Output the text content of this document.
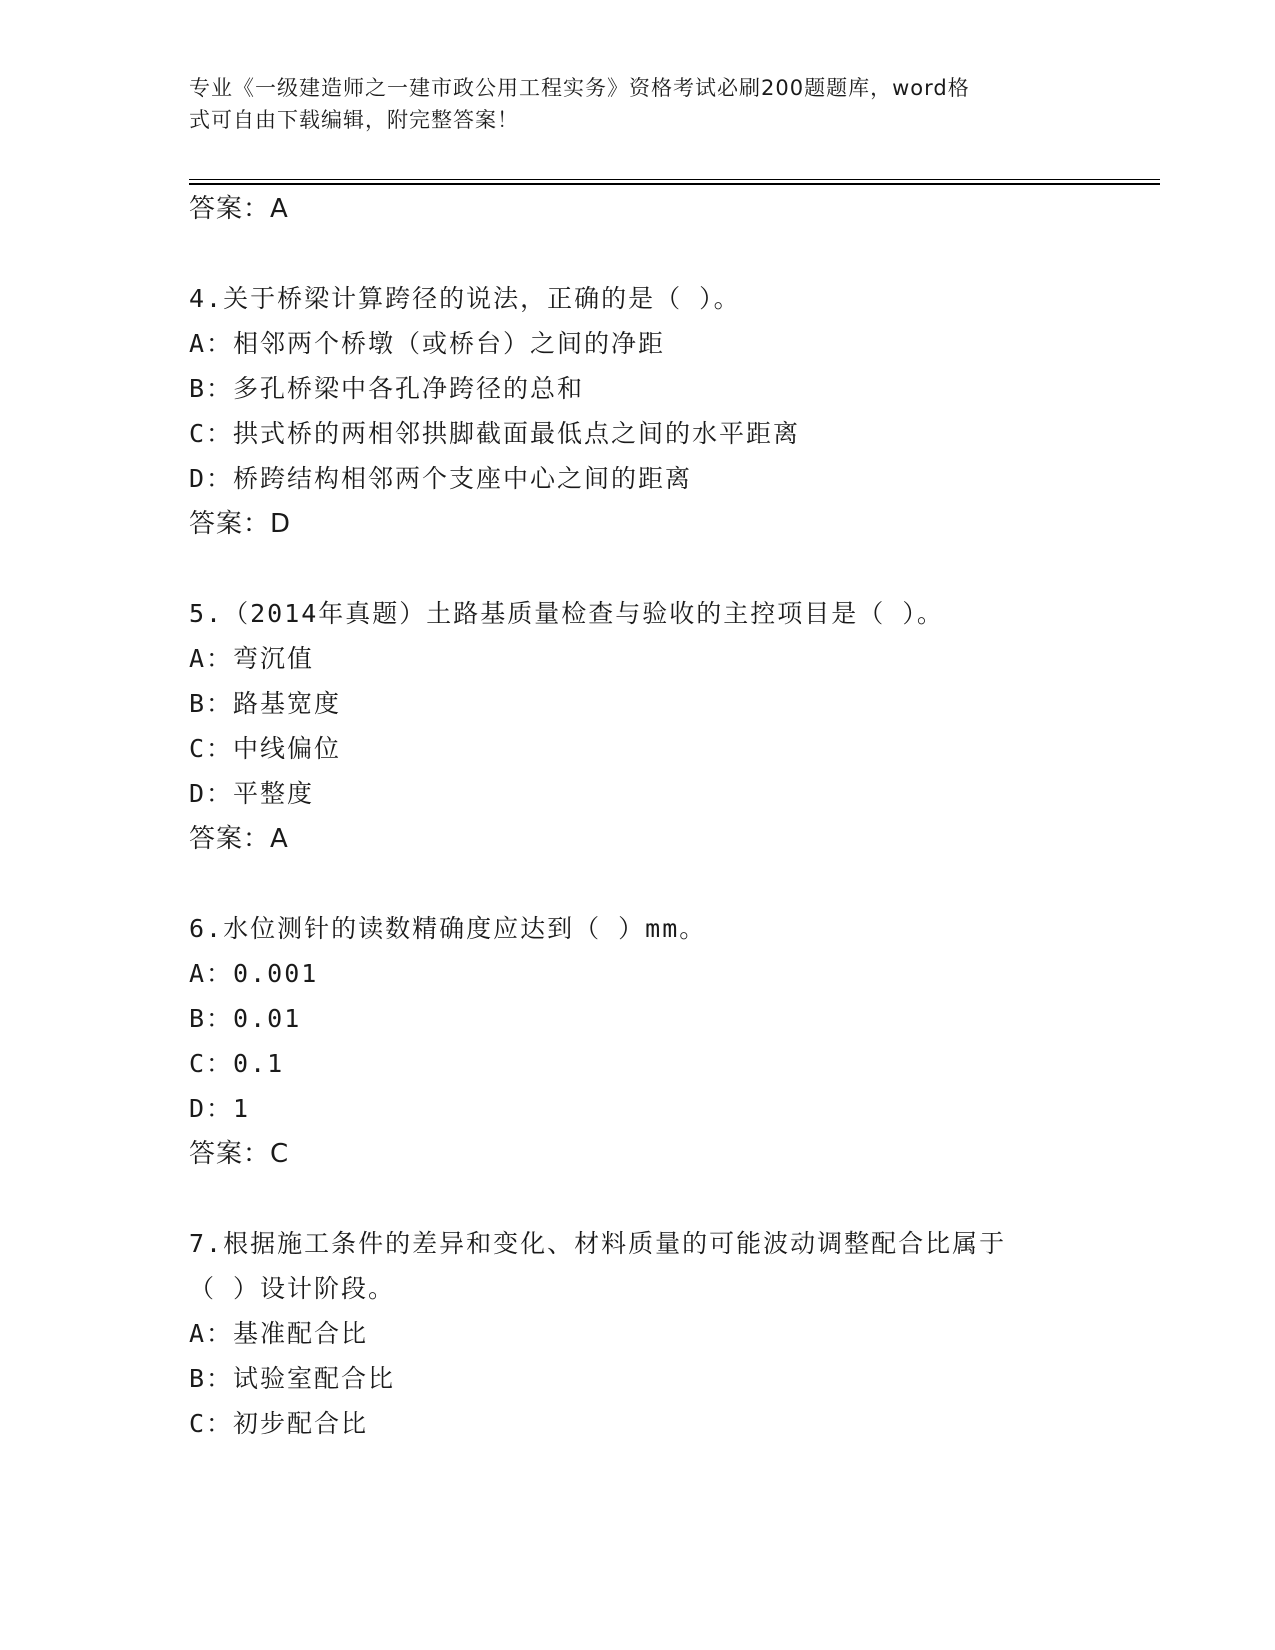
专业《一级建造师之一建市政公用工程实务》资格考试必刷200题题库，word格
式可自由下载编辑，附完整答案！
答案：A
4.关于桥梁计算跨径的说法，正确的是（ ）。
A：相邻两个桥墩（或桥台）之间的净距
B：多孔桥梁中各孔净跨径的总和
C：拱式桥的两相邻拱脚截面最低点之间的水平距离
D：桥跨结构相邻两个支座中心之间的距离
答案：D
5.（2014年真题）土路基质量检查与验收的主控项目是（ ）。
A：弯沉值
B：路基宽度
C：中线偏位
D：平整度
答案：A
6.水位测针的读数精确度应达到（ ）mm。
A：0.001
B：0.01
C：0.1
D：1
答案：C
7.根据施工条件的差异和变化、材料质量的可能波动调整配合比属于
（ ）设计阶段。
A：基准配合比
B：试验室配合比
C：初步配合比
